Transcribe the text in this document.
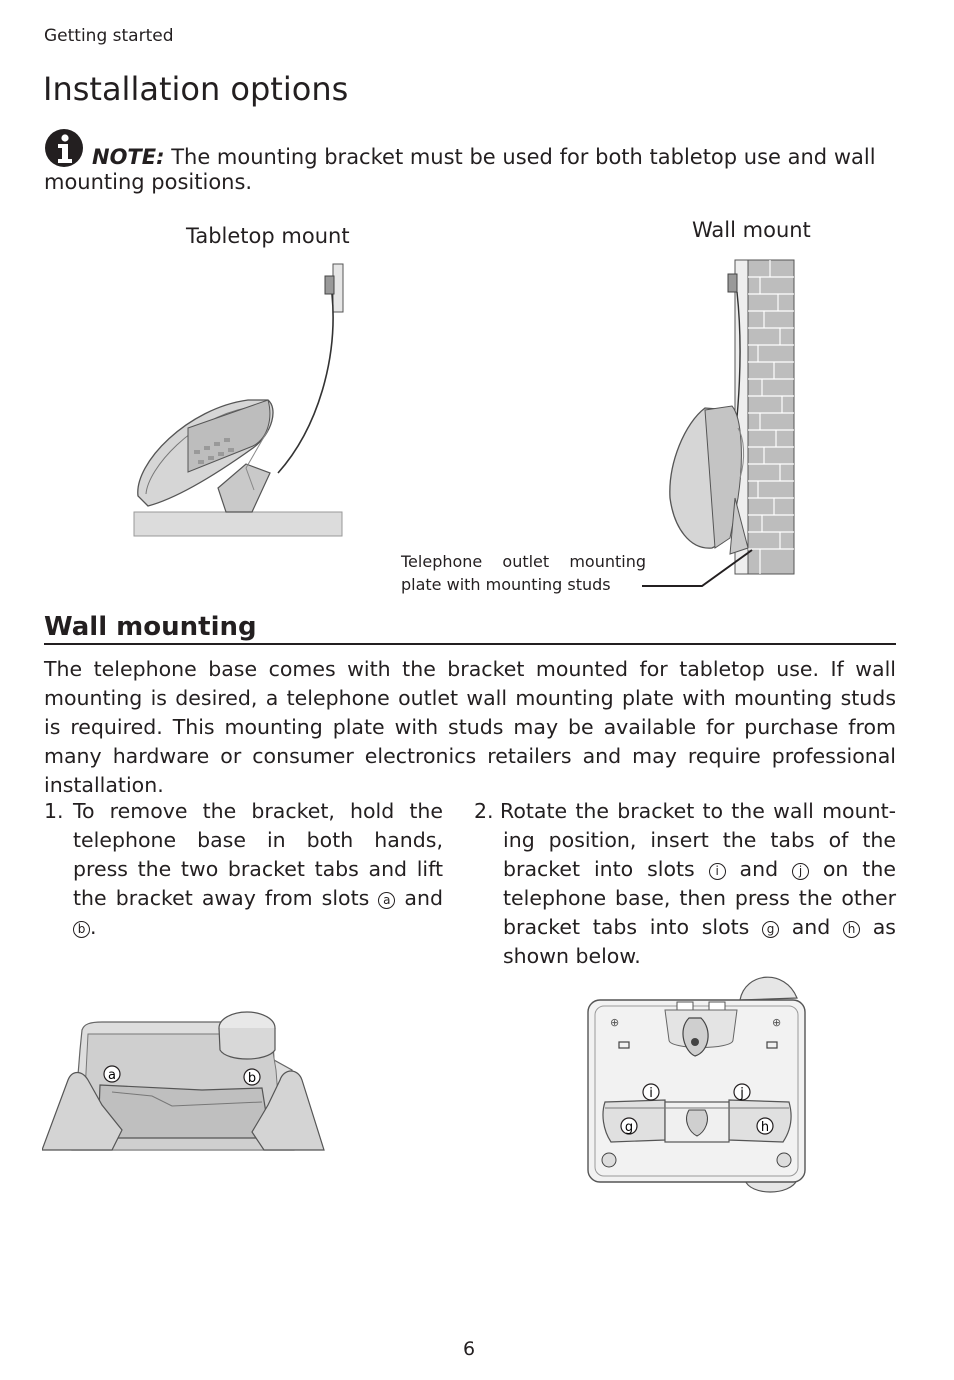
Getting started
Installation options
NOTE: The mounting bracket must be used for both tabletop use and wall mounting positions.
Tabletop mount	Wall mount
Telephone outlet mounting
plate with mounting studs
Wall mounting

The telephone base comes with the bracket mounted for tabletop use. If wall mounting is desired, a telephone outlet wall mounting plate with mounting studs is required. This mounting plate with studs may be available for purchase from many hardware or consumer electronics retailers and may require professional installation.

1. To remove the bracket, hold the telephone base in both hands, press the two bracket tabs and lift the bracket away from slots a and b .
2. Rotate the bracket to the wall mount-ing position, insert the tabs of the bracket into slots i and j on the telephone base, then press the other bracket tabs into slots g and h as shown below.
a	b
⊕	⊕
i	j
g	h
6
